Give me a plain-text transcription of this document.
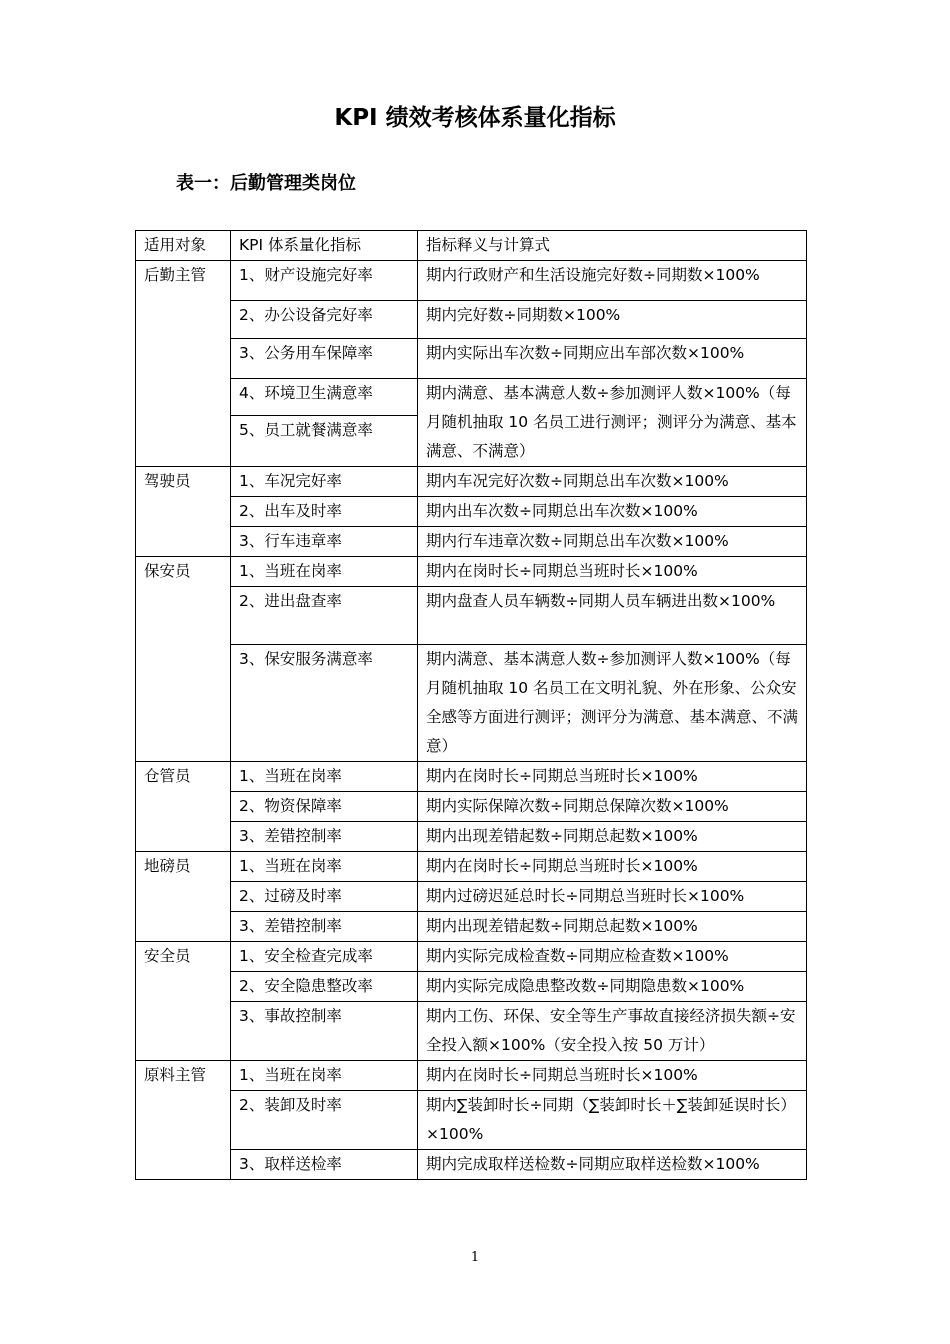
KPI 绩效考核体系量化指标
表一：后勤管理类岗位
适用对象	KPI 体系量化指标	指标释义与计算式
后勤主管	1、财产设施完好率	期内行政财产和生活设施完好数÷同期数×100%
	2、办公设备完好率	期内完好数÷同期数×100%
	3、公务用车保障率	期内实际出车次数÷同期应出车部次数×100%
	4、环境卫生满意率	期内满意、基本满意人数÷参加测评人数×100%（每月随机抽取 10 名员工进行测评；测评分为满意、基本满意、不满意）
	5、员工就餐满意率	
驾驶员	1、车况完好率	期内车况完好次数÷同期总出车次数×100%
	2、出车及时率	期内出车次数÷同期总出车次数×100%
	3、行车违章率	期内行车违章次数÷同期总出车次数×100%
保安员	1、当班在岗率	期内在岗时长÷同期总当班时长×100%
	2、进出盘查率	期内盘查人员车辆数÷同期人员车辆进出数×100%
	3、保安服务满意率	期内满意、基本满意人数÷参加测评人数×100%（每月随机抽取 10 名员工在文明礼貌、外在形象、公众安全感等方面进行测评；测评分为满意、基本满意、不满意）
仓管员	1、当班在岗率	期内在岗时长÷同期总当班时长×100%
	2、物资保障率	期内实际保障次数÷同期总保障次数×100%
	3、差错控制率	期内出现差错起数÷同期总起数×100%
地磅员	1、当班在岗率	期内在岗时长÷同期总当班时长×100%
	2、过磅及时率	期内过磅迟延总时长÷同期总当班时长×100%
	3、差错控制率	期内出现差错起数÷同期总起数×100%
安全员	1、安全检查完成率	期内实际完成检查数÷同期应检查数×100%
	2、安全隐患整改率	期内实际完成隐患整改数÷同期隐患数×100%
	3、事故控制率	期内工伤、环保、安全等生产事故直接经济损失额÷安全投入额×100%（安全投入按 50 万计）
原料主管	1、当班在岗率	期内在岗时长÷同期总当班时长×100%
	2、装卸及时率	期内∑装卸时长÷同期（∑装卸时长＋∑装卸延误时长）×100%
	3、取样送检率	期内完成取样送检数÷同期应取样送检数×100%
1
